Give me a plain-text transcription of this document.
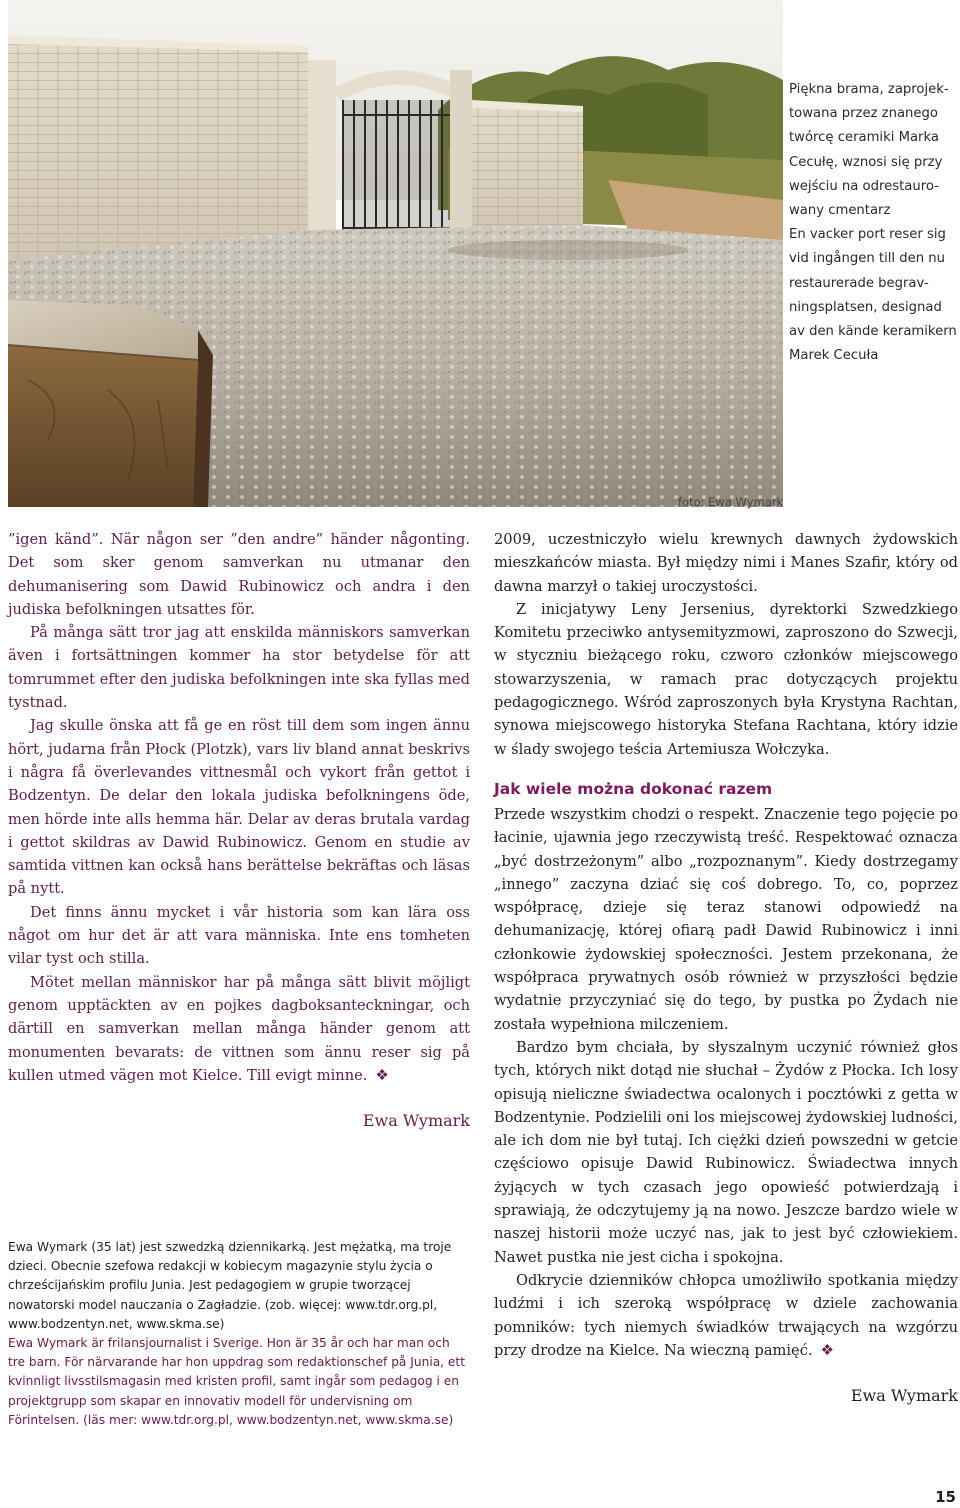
Piękna brama, zaprojek-

towana przez znanego

twórcę ceramiki Marka

Cecułę, wznosi się przy

wejściu na odrestauro-

wany cmentarz

En vacker port reser sig

vid ingången till den nu

restaurerade begrav-

ningsplatsen, designad

av den kände keramikern

Marek Cecuła

foto: Ewa Wymark

”igen känd”. När någon ser ”den andre” händer någonting. Det som sker genom samverkan nu utmanar den dehumanisering som Dawid Rubinowicz och andra i den judiska befolkningen utsattes för.

På många sätt tror jag att enskilda människors samverkan även i fortsättningen kommer ha stor betydelse för att tomrummet efter den judiska befolkningen inte ska fyllas med tystnad.

Jag skulle önska att få ge en röst till dem som ingen ännu hört, judarna från Płock (Plotzk), vars liv bland annat beskrivs i några få överlevandes vittnesmål och vykort från gettot i Bodzentyn. De delar den lokala judiska befolkningens öde, men hörde inte alls hemma här. Delar av deras brutala vardag i gettot skildras av Dawid Rubinowicz. Genom en studie av samtida vittnen kan också hans berättelse bekräftas och läsas på nytt.

Det finns ännu mycket i vår historia som kan lära oss något om hur det är att vara människa. Inte ens tomheten vilar tyst och stilla.

Mötet mellan människor har på många sätt blivit möjligt genom upptäckten av en pojkes dagboksanteckningar, och därtill en samverkan mellan många händer genom att monumenten bevarats: de vittnen som ännu reser sig på kullen utmed vägen mot Kielce. Till evigt minne. ❖

Ewa Wymark

2009, uczestniczyło wielu krewnych dawnych żydowskich mieszkańców miasta. Był między nimi i Manes Szafir, który od dawna marzył o takiej uroczystości.

Z inicjatywy Leny Jersenius, dyrektorki Szwedzkiego Komitetu przeciwko antysemityzmowi, zaproszono do Szwecji, w styczniu bieżącego roku, czworo członków miejscowego stowarzyszenia, w ramach prac dotyczących projektu pedagogicznego. Wśród zaproszonych była Krystyna Rachtan, synowa miejscowego historyka Stefana Rachtana, który idzie w ślady swojego teścia Artemiusza Wołczyka.

Jak wiele można dokonać razem

Przede wszystkim chodzi o respekt. Znaczenie tego pojęcie po łacinie, ujawnia jego rzeczywistą treść. Respektować oznacza „być dostrzeżonym” albo „rozpoznanym”. Kiedy dostrzegamy „innego” zaczyna dziać się coś dobrego. To, co, poprzez współpracę, dzieje się teraz stanowi odpowiedź na dehumanizację, której ofiarą padł Dawid Rubinowicz i inni członkowie żydowskiej społeczności. Jestem przekonana, że współpraca prywatnych osób również w przyszłości będzie wydatnie przyczyniać się do tego, by pustka po Żydach nie została wypełniona milczeniem.

Bardzo bym chciała, by słyszalnym uczynić również głos tych, których nikt dotąd nie słuchał – Żydów z Płocka. Ich losy opisują nieliczne świadectwa ocalonych i pocztówki z getta w Bodzentynie. Podzielili oni los miejscowej żydowskiej ludności, ale ich dom nie był tutaj. Ich ciężki dzień powszedni w getcie częściowo opisuje Dawid Rubinowicz. Świadectwa innych żyjących w tych czasach jego opowieść potwierdzają i sprawiają, że odczytujemy ją na nowo. Jeszcze bardzo wiele w naszej historii może uczyć nas, jak to jest być człowiekiem. Nawet pustka nie jest cicha i spokojna.

Odkrycie dzienników chłopca umożliwiło spotkania między ludźmi i ich szeroką współpracę w dziele zachowania pomników: tych niemych świadków trwających na wzgórzu przy drodze na Kielce. Na wieczną pamięć. ❖

Ewa Wymark

Ewa Wymark (35 lat) jest szwedzką dziennikarką. Jest mężatką, ma troje dzieci. Obecnie szefowa redakcji w kobiecym magazynie stylu życia o chrześcijańskim profilu Junia. Jest pedagogiem w grupie tworzącej nowatorski model nauczania o Zagładzie. (zob. więcej: www.tdr.org.pl, www.bodzentyn.net, www.skma.se)

Ewa Wymark är frilansjournalist i Sverige. Hon är 35 år och har man och tre barn. För närvarande har hon uppdrag som redaktionschef på Junia, ett kvinnligt livsstilsmagasin med kristen profil, samt ingår som pedagog i en projektgrupp som skapar en innovativ modell för undervisning om Förintelsen. (läs mer: www.tdr.org.pl, www.bodzentyn.net, www.skma.se)

15
